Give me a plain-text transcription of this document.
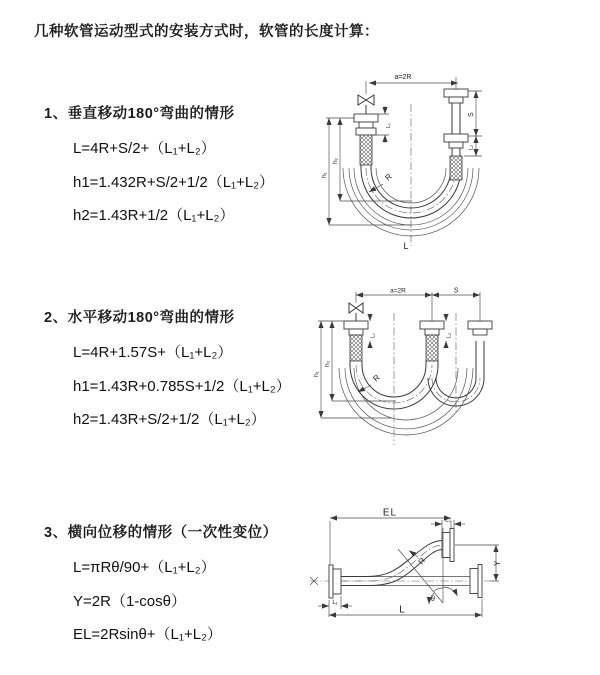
几种软管运动型式的安装方式时，软管的长度计算：
1、垂直移动180°弯曲的情形
L=4R+S/2+（L₁+L₂）
h1=1.432R+S/2+1/2（L₁+L₂）
h2=1.43R+1/2（L₁+L₂）
2、水平移动180°弯曲的情形
L=4R+1.57S+（L₁+L₂）
h1=1.43R+0.785S+1/2（L₁+L₂）
h2=1.43R+S/2+1/2（L₁+L₂）
3、横向位移的情形（一次性变位）
L=πRθ/90+（L₁+L₂）
Y=2R（1-cosθ）
EL=2Rsinθ+（L₁+L₂）
a=2R
h₁
h₂
S
L₂
L₁
R
L
a=2R	S
h₁
h₂
L₁	L₂
R
θ
R
EL
L₂
Y
L
L₁
